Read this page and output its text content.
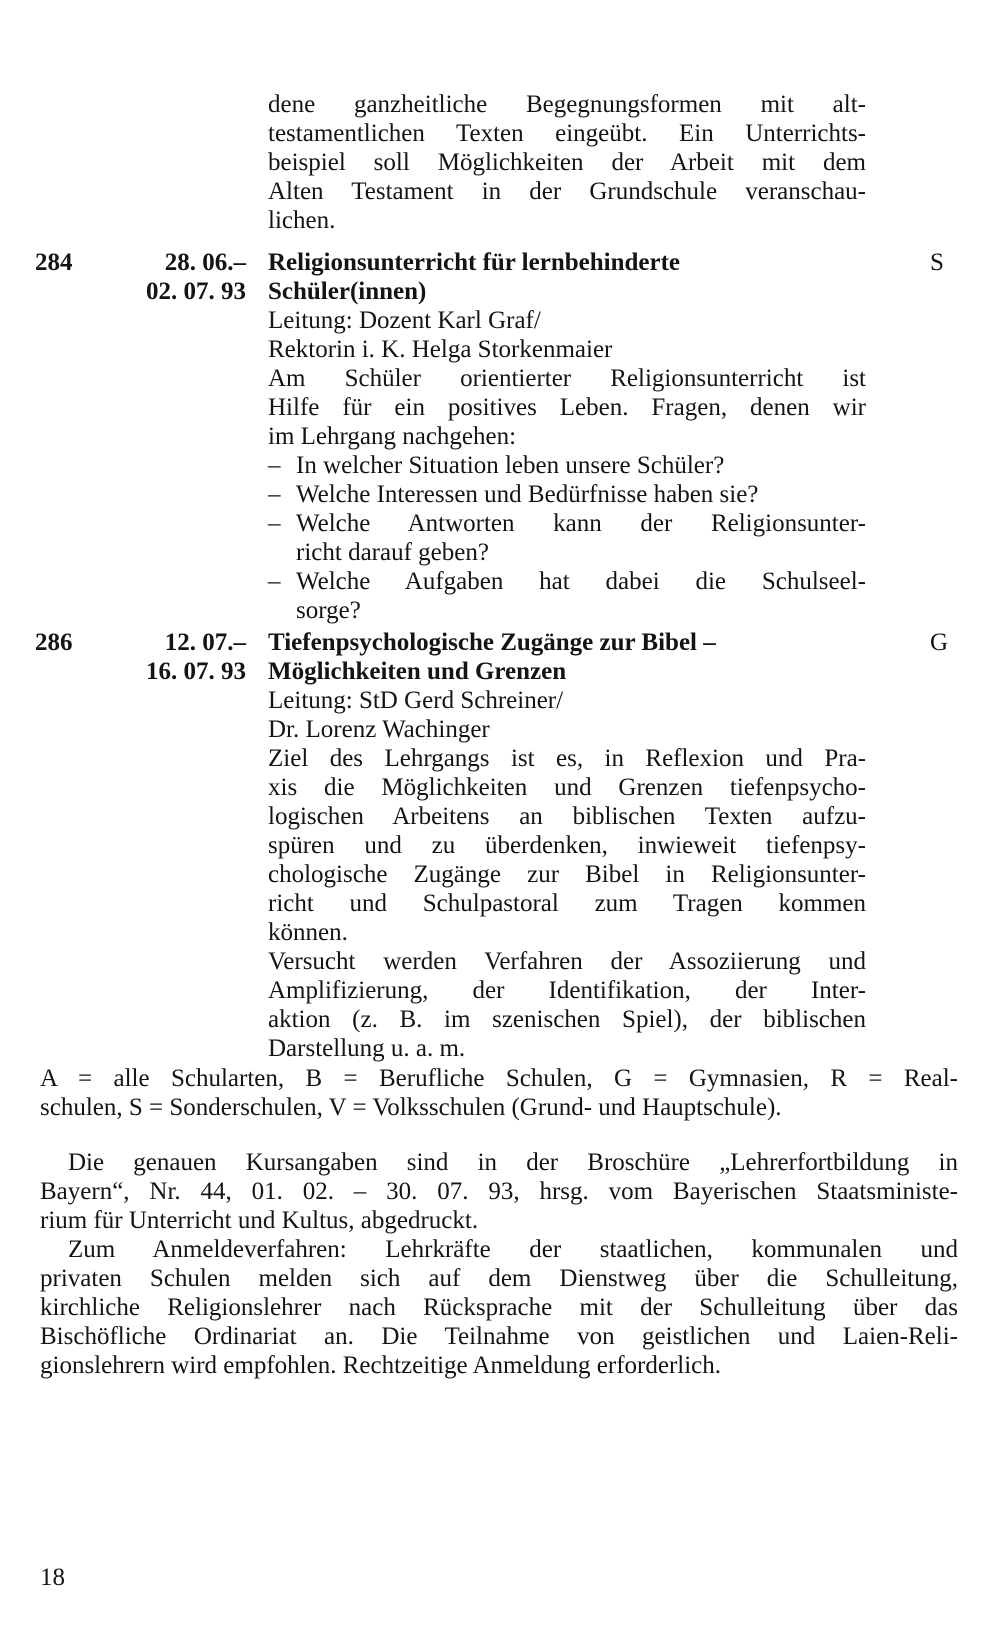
dene ganzheitliche Begegnungsformen mit alt-
testamentlichen Texten eingeübt. Ein Unterrichts-
beispiel soll Möglichkeiten der Arbeit mit dem
Alten Testament in der Grundschule veranschau-
lichen.
284	28. 06.–
02. 07. 93
S
Religionsunterricht für lernbehinderte
Schüler(innen)
Leitung: Dozent Karl Graf/
Rektorin i. K. Helga Storkenmaier
Am Schüler orientierter Religionsunterricht ist
Hilfe für ein positives Leben. Fragen, denen wir
im Lehrgang nachgehen:
– In welcher Situation leben unsere Schüler?
– Welche Interessen und Bedürfnisse haben sie?
– Welche Antworten kann der Religionsunter-
richt darauf geben?
– Welche Aufgaben hat dabei die Schulseel-
sorge?
286	12. 07.–
16. 07. 93
G
Tiefenpsychologische Zugänge zur Bibel –
Möglichkeiten und Grenzen
Leitung: StD Gerd Schreiner/
Dr. Lorenz Wachinger
Ziel des Lehrgangs ist es, in Reflexion und Pra-
xis die Möglichkeiten und Grenzen tiefenpsycho-
logischen Arbeitens an biblischen Texten aufzu-
spüren und zu überdenken, inwieweit tiefenpsy-
chologische Zugänge zur Bibel in Religionsunter-
richt und Schulpastoral zum Tragen kommen
können.
Versucht werden Verfahren der Assoziierung und
Amplifizierung, der Identifikation, der Inter-
aktion (z. B. im szenischen Spiel), der biblischen
Darstellung u. a. m.
A = alle Schularten, B = Berufliche Schulen, G = Gymnasien, R = Real-
schulen, S = Sonderschulen, V = Volksschulen (Grund- und Hauptschule).
Die genauen Kursangaben sind in der Broschüre „Lehrerfortbildung in
Bayern“, Nr. 44, 01. 02. – 30. 07. 93, hrsg. vom Bayerischen Staatsministe-
rium für Unterricht und Kultus, abgedruckt.
Zum Anmeldeverfahren: Lehrkräfte der staatlichen, kommunalen und
privaten Schulen melden sich auf dem Dienstweg über die Schulleitung,
kirchliche Religionslehrer nach Rücksprache mit der Schulleitung über das
Bischöfliche Ordinariat an. Die Teilnahme von geistlichen und Laien-Reli-
gionslehrern wird empfohlen. Rechtzeitige Anmeldung erforderlich.
18
